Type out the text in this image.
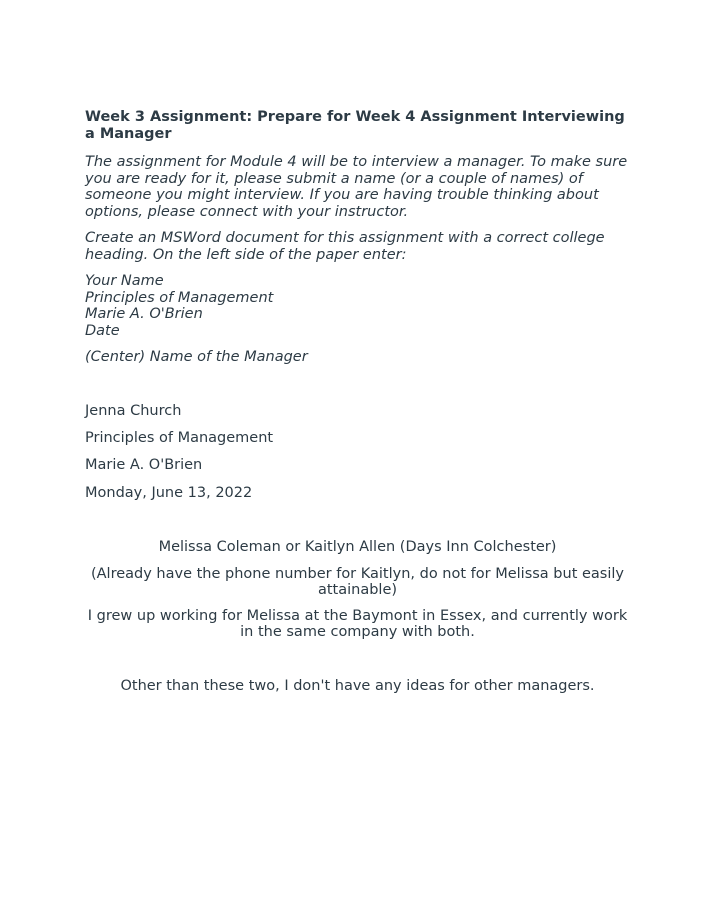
Week 3 Assignment: Prepare for Week 4 Assignment Interviewing a Manager
The assignment for Module 4 will be to interview a manager. To make sure you are ready for it, please submit a name (or a couple of names) of someone you might interview. If you are having trouble thinking about options, please connect with your instructor.
Create an MSWord document for this assignment with a correct college heading. On the left side of the paper enter:
Your Name
Principles of Management
Marie A. O'Brien
Date
(Center) Name of the Manager

Jenna Church

Principles of Management

Marie A. O'Brien

Monday, June 13, 2022

Melissa Coleman or Kaitlyn Allen (Days Inn Colchester)

(Already have the phone number for Kaitlyn, do not for Melissa but easily attainable)

I grew up working for Melissa at the Baymont in Essex, and currently work in the same company with both.

Other than these two, I don't have any ideas for other managers.
